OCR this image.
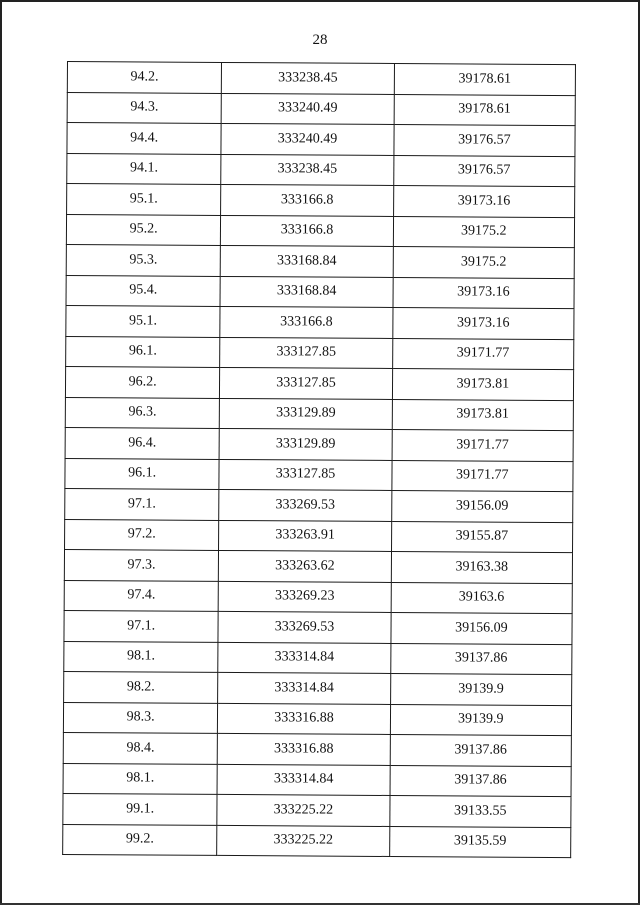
28
94.2.	333238.45	39178.61
94.3.	333240.49	39178.61
94.4.	333240.49	39176.57
94.1.	333238.45	39176.57
95.1.	333166.8	39173.16
95.2.	333166.8	39175.2
95.3.	333168.84	39175.2
95.4.	333168.84	39173.16
95.1.	333166.8	39173.16
96.1.	333127.85	39171.77
96.2.	333127.85	39173.81
96.3.	333129.89	39173.81
96.4.	333129.89	39171.77
96.1.	333127.85	39171.77
97.1.	333269.53	39156.09
97.2.	333263.91	39155.87
97.3.	333263.62	39163.38
97.4.	333269.23	39163.6
97.1.	333269.53	39156.09
98.1.	333314.84	39137.86
98.2.	333314.84	39139.9
98.3.	333316.88	39139.9
98.4.	333316.88	39137.86
98.1.	333314.84	39137.86
99.1.	333225.22	39133.55
99.2.	333225.22	39135.59
